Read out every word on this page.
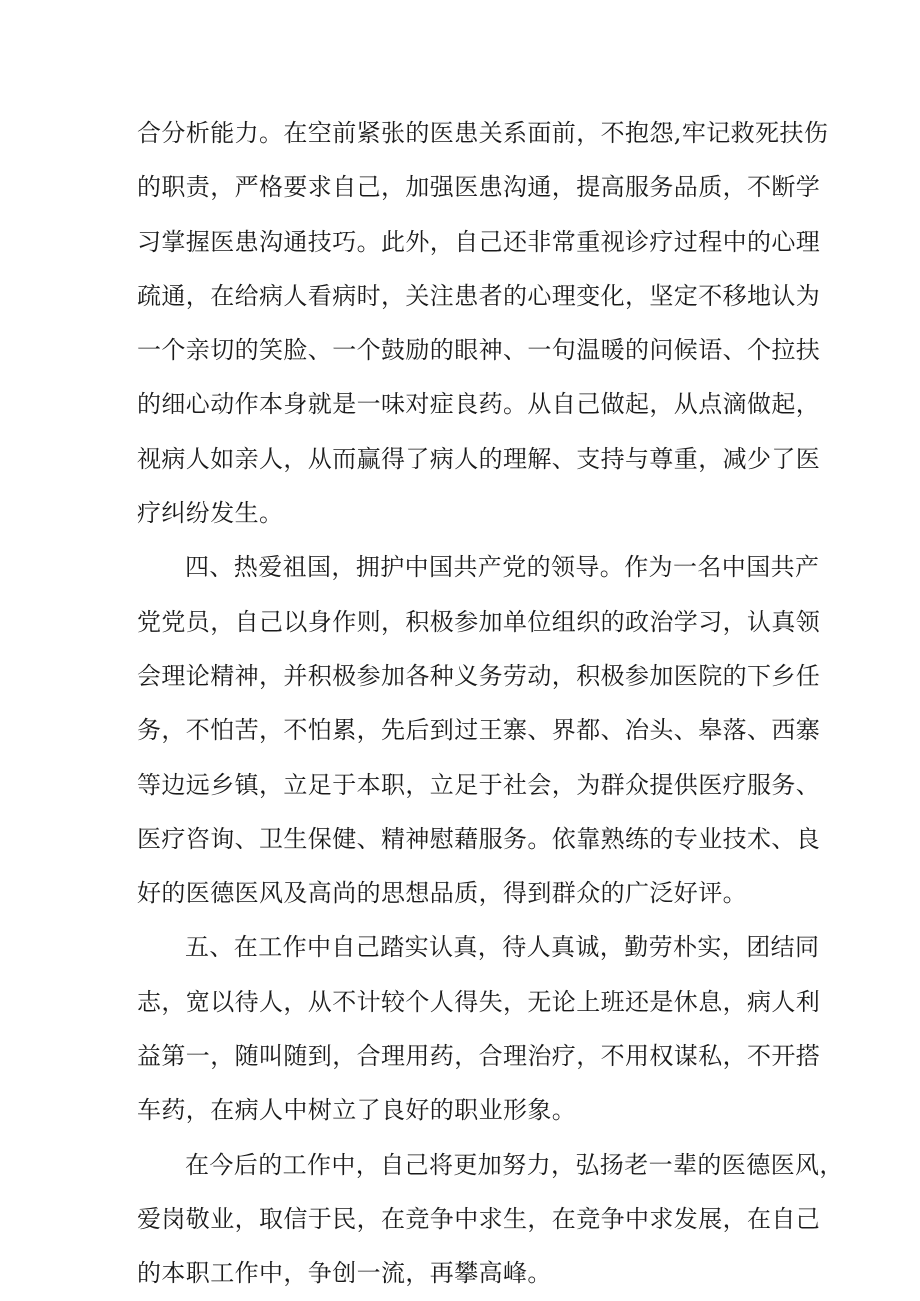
合分析能力。在空前紧张的医患关系面前，不抱怨,牢记救死扶伤
的职责，严格要求自己，加强医患沟通，提高服务品质，不断学
习掌握医患沟通技巧。此外，自己还非常重视诊疗过程中的心理
疏通，在给病人看病时，关注患者的心理变化，坚定不移地认为
一个亲切的笑脸、一个鼓励的眼神、一句温暖的问候语、个拉扶
的细心动作本身就是一味对症良药。从自己做起，从点滴做起，
视病人如亲人，从而赢得了病人的理解、支持与尊重，减少了医
疗纠纷发生。
四、热爱祖国，拥护中国共产党的领导。作为一名中国共产
党党员，自己以身作则，积极参加单位组织的政治学习，认真领
会理论精神，并积极参加各种义务劳动，积极参加医院的下乡任
务，不怕苦，不怕累，先后到过王寨、界都、冶头、皋落、西寨
等边远乡镇，立足于本职，立足于社会，为群众提供医疗服务、
医疗咨询、卫生保健、精神慰藉服务。依靠熟练的专业技术、良
好的医德医风及高尚的思想品质，得到群众的广泛好评。
五、在工作中自己踏实认真，待人真诚，勤劳朴实，团结同
志，宽以待人，从不计较个人得失，无论上班还是休息，病人利
益第一，随叫随到，合理用药，合理治疗，不用权谋私，不开搭
车药，在病人中树立了良好的职业形象。
在今后的工作中，自己将更加努力，弘扬老一辈的医德医风，
爱岗敬业，取信于民，在竞争中求生，在竞争中求发展，在自己
的本职工作中，争创一流，再攀高峰。
